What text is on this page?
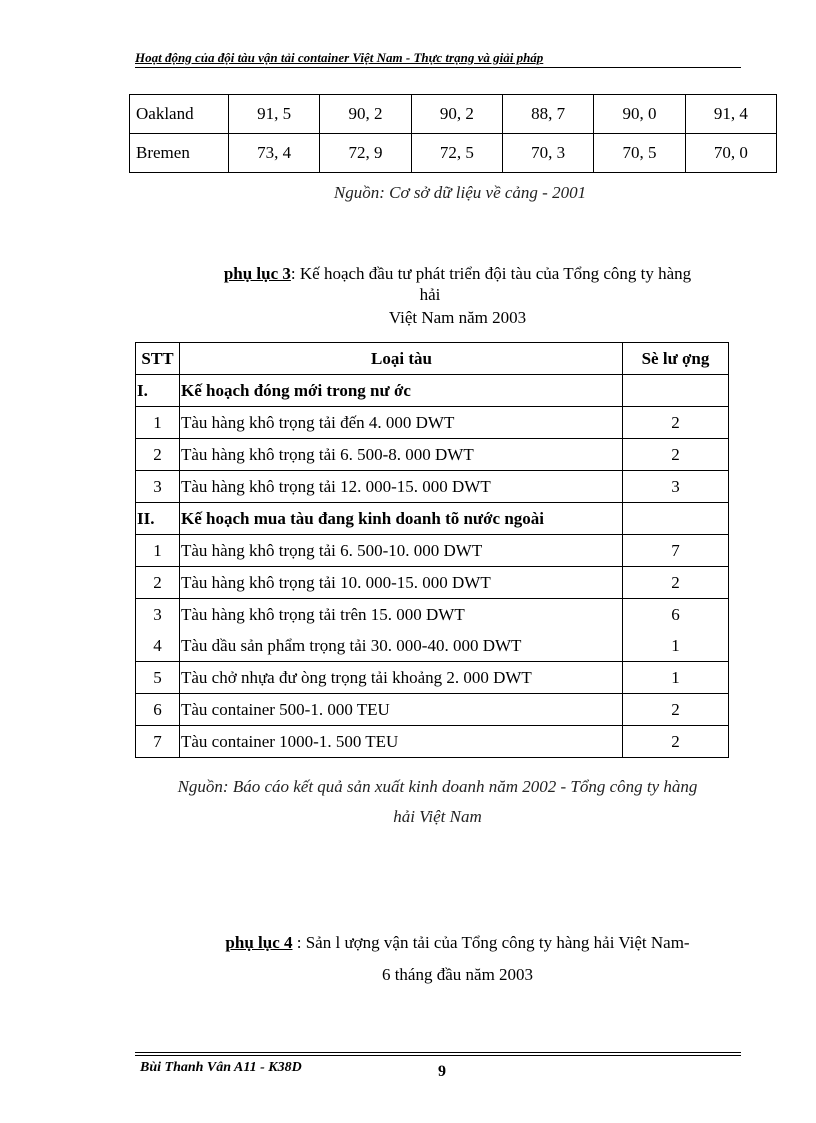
Hoạt động của đội tàu vận tải container Việt Nam - Thực trạng và giải pháp
Oakland	91, 5	90, 2	90, 2	88, 7	90, 0	91, 4
Bremen	73, 4	72, 9	72, 5	70, 3	70, 5	70, 0
Nguồn: Cơ sở dữ liệu về cảng - 2001
phụ lục 3: Kế hoạch đầu tư phát triển đội tàu của Tổng công ty hàng
hải
Việt Nam năm 2003
STT	Loại tàu	Sè lư ợng
I.	Kế hoạch đóng mới trong nư ớc	
1	Tàu hàng khô trọng tải đến 4. 000 DWT	2
2	Tàu hàng khô trọng tải 6. 500-8. 000 DWT	2
3	Tàu hàng khô trọng tải 12. 000-15. 000 DWT	3
II.	Kế hoạch mua tàu đang kinh doanh tõ nước ngoài	
1	Tàu hàng khô trọng tải 6. 500-10. 000 DWT	7
2	Tàu hàng khô trọng tải 10. 000-15. 000 DWT	2
3	Tàu hàng khô trọng tải trên 15. 000 DWT	6
4	Tàu dầu sản phẩm trọng tải 30. 000-40. 000 DWT	1
5	Tàu chở nhựa đư òng trọng tải khoảng 2. 000 DWT	1
6	Tàu container 500-1. 000 TEU	2
7	Tàu container 1000-1. 500 TEU	2
Nguồn: Báo cáo kết quả sản xuất kinh doanh năm 2002 - Tổng công ty hàng
hải Việt Nam
phụ lục 4 : Sản l ượng vận tải của Tổng công ty hàng hải Việt Nam-
6 tháng đầu năm 2003
Bùi Thanh Vân A11 - K38D	9
